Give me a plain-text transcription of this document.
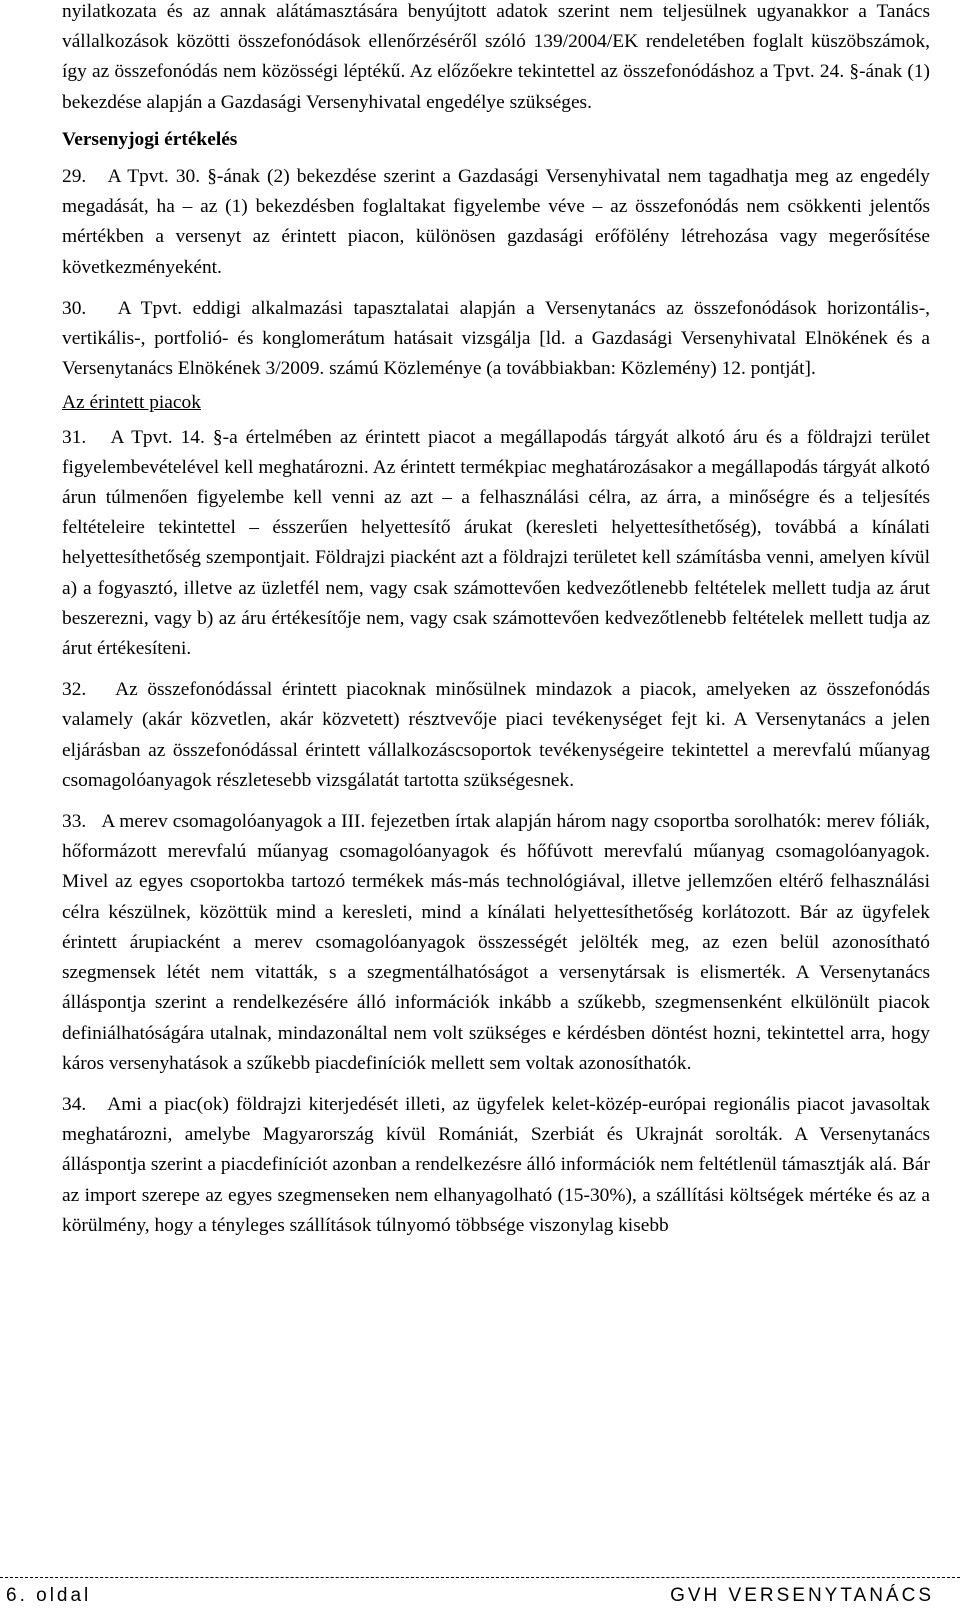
nyilatkozata és az annak alátámasztására benyújtott adatok szerint nem teljesülnek ugyanakkor a Tanács vállalkozások közötti összefonódások ellenőrzéséről szóló 139/2004/EK rendeletében foglalt küszöbszámok, így az összefonódás nem közösségi léptékű. Az előzőekre tekintettel az összefonódáshoz a Tpvt. 24. §-ának (1) bekezdése alapján a Gazdasági Versenyhivatal engedélye szükséges.

Versenyjogi értékelés

29. A Tpvt. 30. §-ának (2) bekezdése szerint a Gazdasági Versenyhivatal nem tagadhatja meg az engedély megadását, ha – az (1) bekezdésben foglaltakat figyelembe véve – az összefonódás nem csökkenti jelentős mértékben a versenyt az érintett piacon, különösen gazdasági erőfölény létrehozása vagy megerősítése következményeként.

30. A Tpvt. eddigi alkalmazási tapasztalatai alapján a Versenytanács az összefonódások horizontális-, vertikális-, portfolió- és konglomerátum hatásait vizsgálja [ld. a Gazdasági Versenyhivatal Elnökének és a Versenytanács Elnökének 3/2009. számú Közleménye (a továbbiakban: Közlemény) 12. pontját].

Az érintett piacok

31. A Tpvt. 14. §-a értelmében az érintett piacot a megállapodás tárgyát alkotó áru és a földrajzi terület figyelembevételével kell meghatározni. Az érintett termékpiac meghatározásakor a megállapodás tárgyát alkotó árun túlmenően figyelembe kell venni az azt – a felhasználási célra, az árra, a minőségre és a teljesítés feltételeire tekintettel – ésszerűen helyettesítő árukat (keresleti helyettesíthetőség), továbbá a kínálati helyettesíthetőség szempontjait. Földrajzi piacként azt a földrajzi területet kell számításba venni, amelyen kívül a) a fogyasztó, illetve az üzletfél nem, vagy csak számottevően kedvezőtlenebb feltételek mellett tudja az árut beszerezni, vagy b) az áru értékesítője nem, vagy csak számottevően kedvezőtlenebb feltételek mellett tudja az árut értékesíteni.

32. Az összefonódással érintett piacoknak minősülnek mindazok a piacok, amelyeken az összefonódás valamely (akár közvetlen, akár közvetett) résztvevője piaci tevékenységet fejt ki. A Versenytanács a jelen eljárásban az összefonódással érintett vállalkozáscsoportok tevékenységeire tekintettel a merevfalú műanyag csomagolóanyagok részletesebb vizsgálatát tartotta szükségesnek.

33. A merev csomagolóanyagok a III. fejezetben írtak alapján három nagy csoportba sorolhatók: merev fóliák, hőformázott merevfalú műanyag csomagolóanyagok és hőfúvott merevfalú műanyag csomagolóanyagok. Mivel az egyes csoportokba tartozó termékek más-más technológiával, illetve jellemzően eltérő felhasználási célra készülnek, közöttük mind a keresleti, mind a kínálati helyettesíthetőség korlátozott. Bár az ügyfelek érintett árupiacként a merev csomagolóanyagok összességét jelölték meg, az ezen belül azonosítható szegmensek létét nem vitatták, s a szegmentálhatóságot a versenytársak is elismerték. A Versenytanács álláspontja szerint a rendelkezésére álló információk inkább a szűkebb, szegmensenként elkülönült piacok definiálhatóságára utalnak, mindazonáltal nem volt szükséges e kérdésben döntést hozni, tekintettel arra, hogy káros versenyhatások a szűkebb piacdefiníciók mellett sem voltak azonosíthatók.

34. Ami a piac(ok) földrajzi kiterjedését illeti, az ügyfelek kelet-közép-európai regionális piacot javasoltak meghatározni, amelybe Magyarország kívül Romániát, Szerbiát és Ukrajnát sorolták. A Versenytanács álláspontja szerint a piacdefiníciót azonban a rendelkezésre álló információk nem feltétlenül támasztják alá. Bár az import szerepe az egyes szegmenseken nem elhanyagolható (15-30%), a szállítási költségek mértéke és az a körülmény, hogy a tényleges szállítások túlnyomó többsége viszonylag kisebb

6. oldal	GVH VERSENYTANÁCS
